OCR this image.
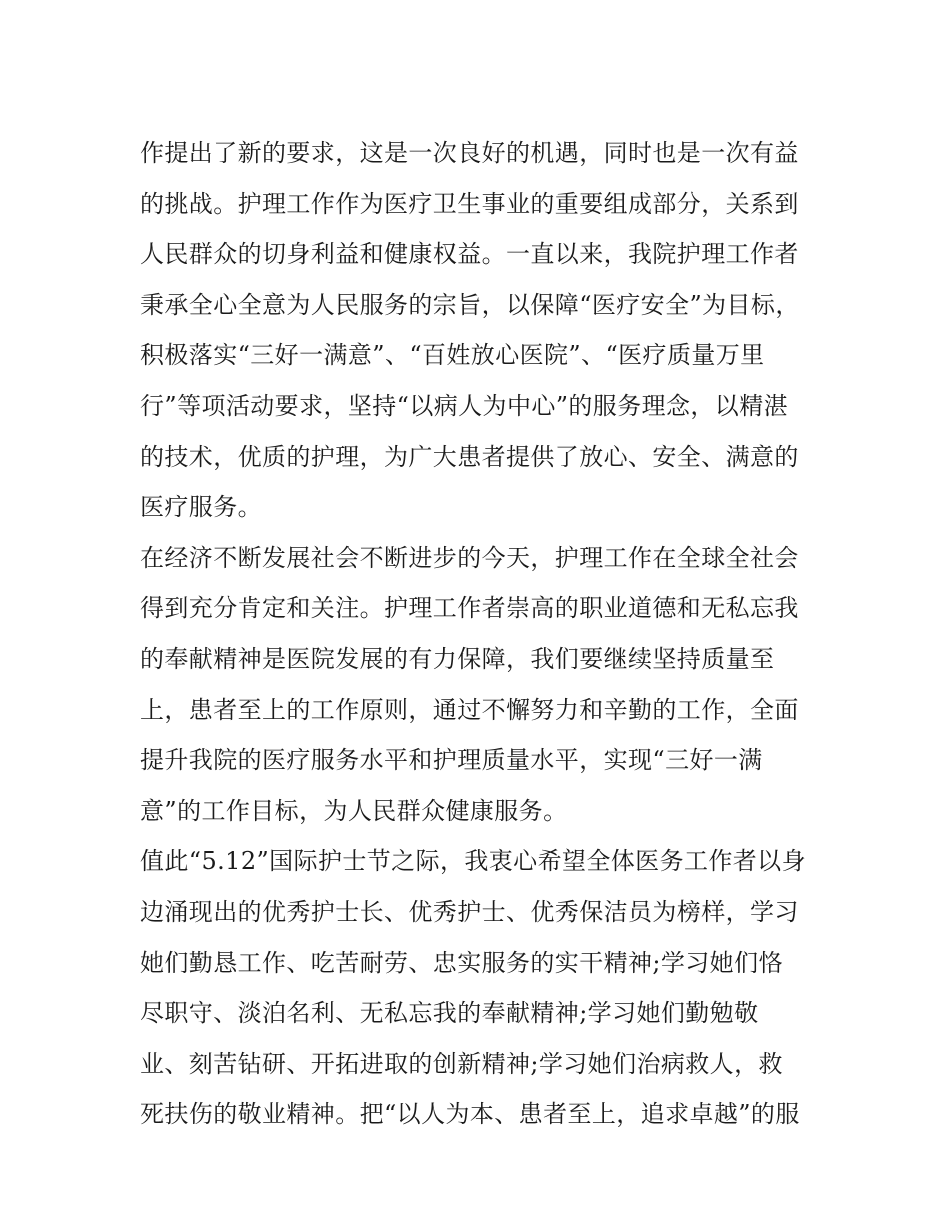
作提出了新的要求，这是一次良好的机遇，同时也是一次有益
的挑战。护理工作作为医疗卫生事业的重要组成部分，关系到
人民群众的切身利益和健康权益。一直以来，我院护理工作者
秉承全心全意为人民服务的宗旨，以保障“医疗安全”为目标，
积极落实“三好一满意”、“百姓放心医院”、“医疗质量万里
行”等项活动要求，坚持“以病人为中心”的服务理念，以精湛
的技术，优质的护理，为广大患者提供了放心、安全、满意的
医疗服务。
在经济不断发展社会不断进步的今天，护理工作在全球全社会
得到充分肯定和关注。护理工作者崇高的职业道德和无私忘我
的奉献精神是医院发展的有力保障，我们要继续坚持质量至
上，患者至上的工作原则，通过不懈努力和辛勤的工作，全面
提升我院的医疗服务水平和护理质量水平，实现“三好一满
意”的工作目标，为人民群众健康服务。
值此“5.12”国际护士节之际，我衷心希望全体医务工作者以身
边涌现出的优秀护士长、优秀护士、优秀保洁员为榜样，学习
她们勤恳工作、吃苦耐劳、忠实服务的实干精神;学习她们恪
尽职守、淡泊名利、无私忘我的奉献精神;学习她们勤勉敬
业、刻苦钻研、开拓进取的创新精神;学习她们治病救人，救
死扶伤的敬业精神。把“以人为本、患者至上，追求卓越”的服
